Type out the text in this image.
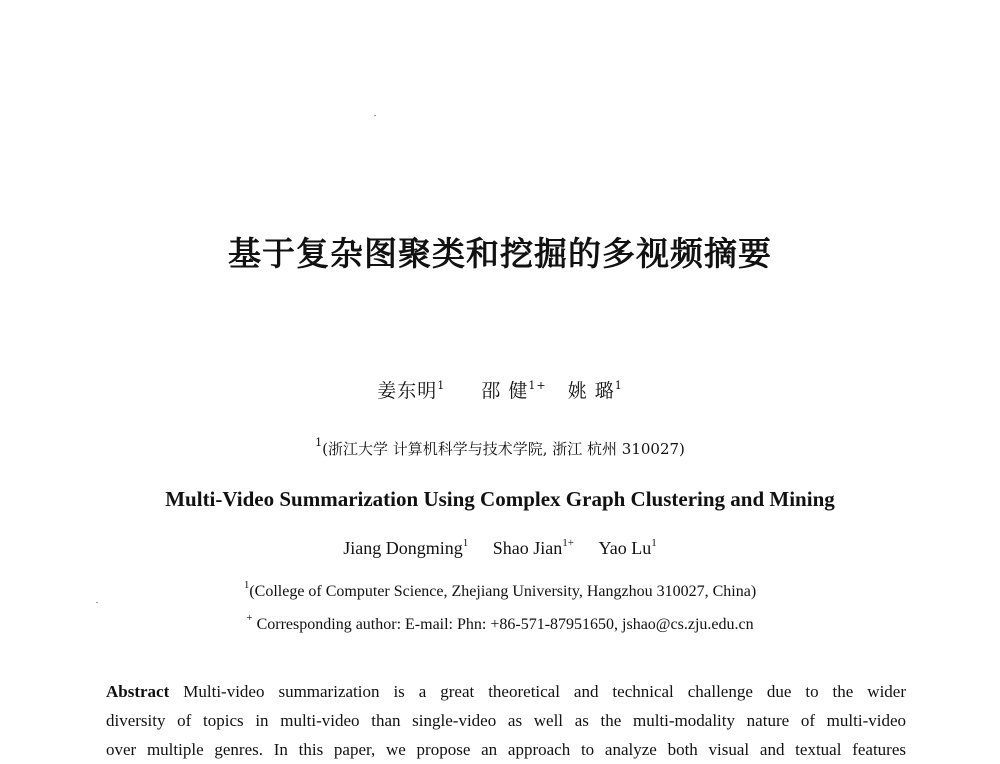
基于复杂图聚类和挖掘的多视频摘要
姜东明$^1$ 邵 健$^{1+}$ 姚 璐$^1$
$^1$(浙江大学 计算机科学与技术学院, 浙江 杭州 310027)
Multi-Video Summarization Using Complex Graph Clustering and Mining
Jiang Dongming$^1$ Shao Jian$^{1+}$ Yao Lu$^1$
$^1$(College of Computer Science, Zhejiang University, Hangzhou 310027, China)
+ Corresponding author: E-mail: Phn: +86-571-87951650, jshao@cs.zju.edu.cn
Abstract Multi-video summarization is a great theoretical and technical challenge due to the wider
diversity of topics in multi-video than single-video as well as the multi-modality nature of multi-video
over multiple genres. In this paper, we propose an approach to analyze both visual and textual features
